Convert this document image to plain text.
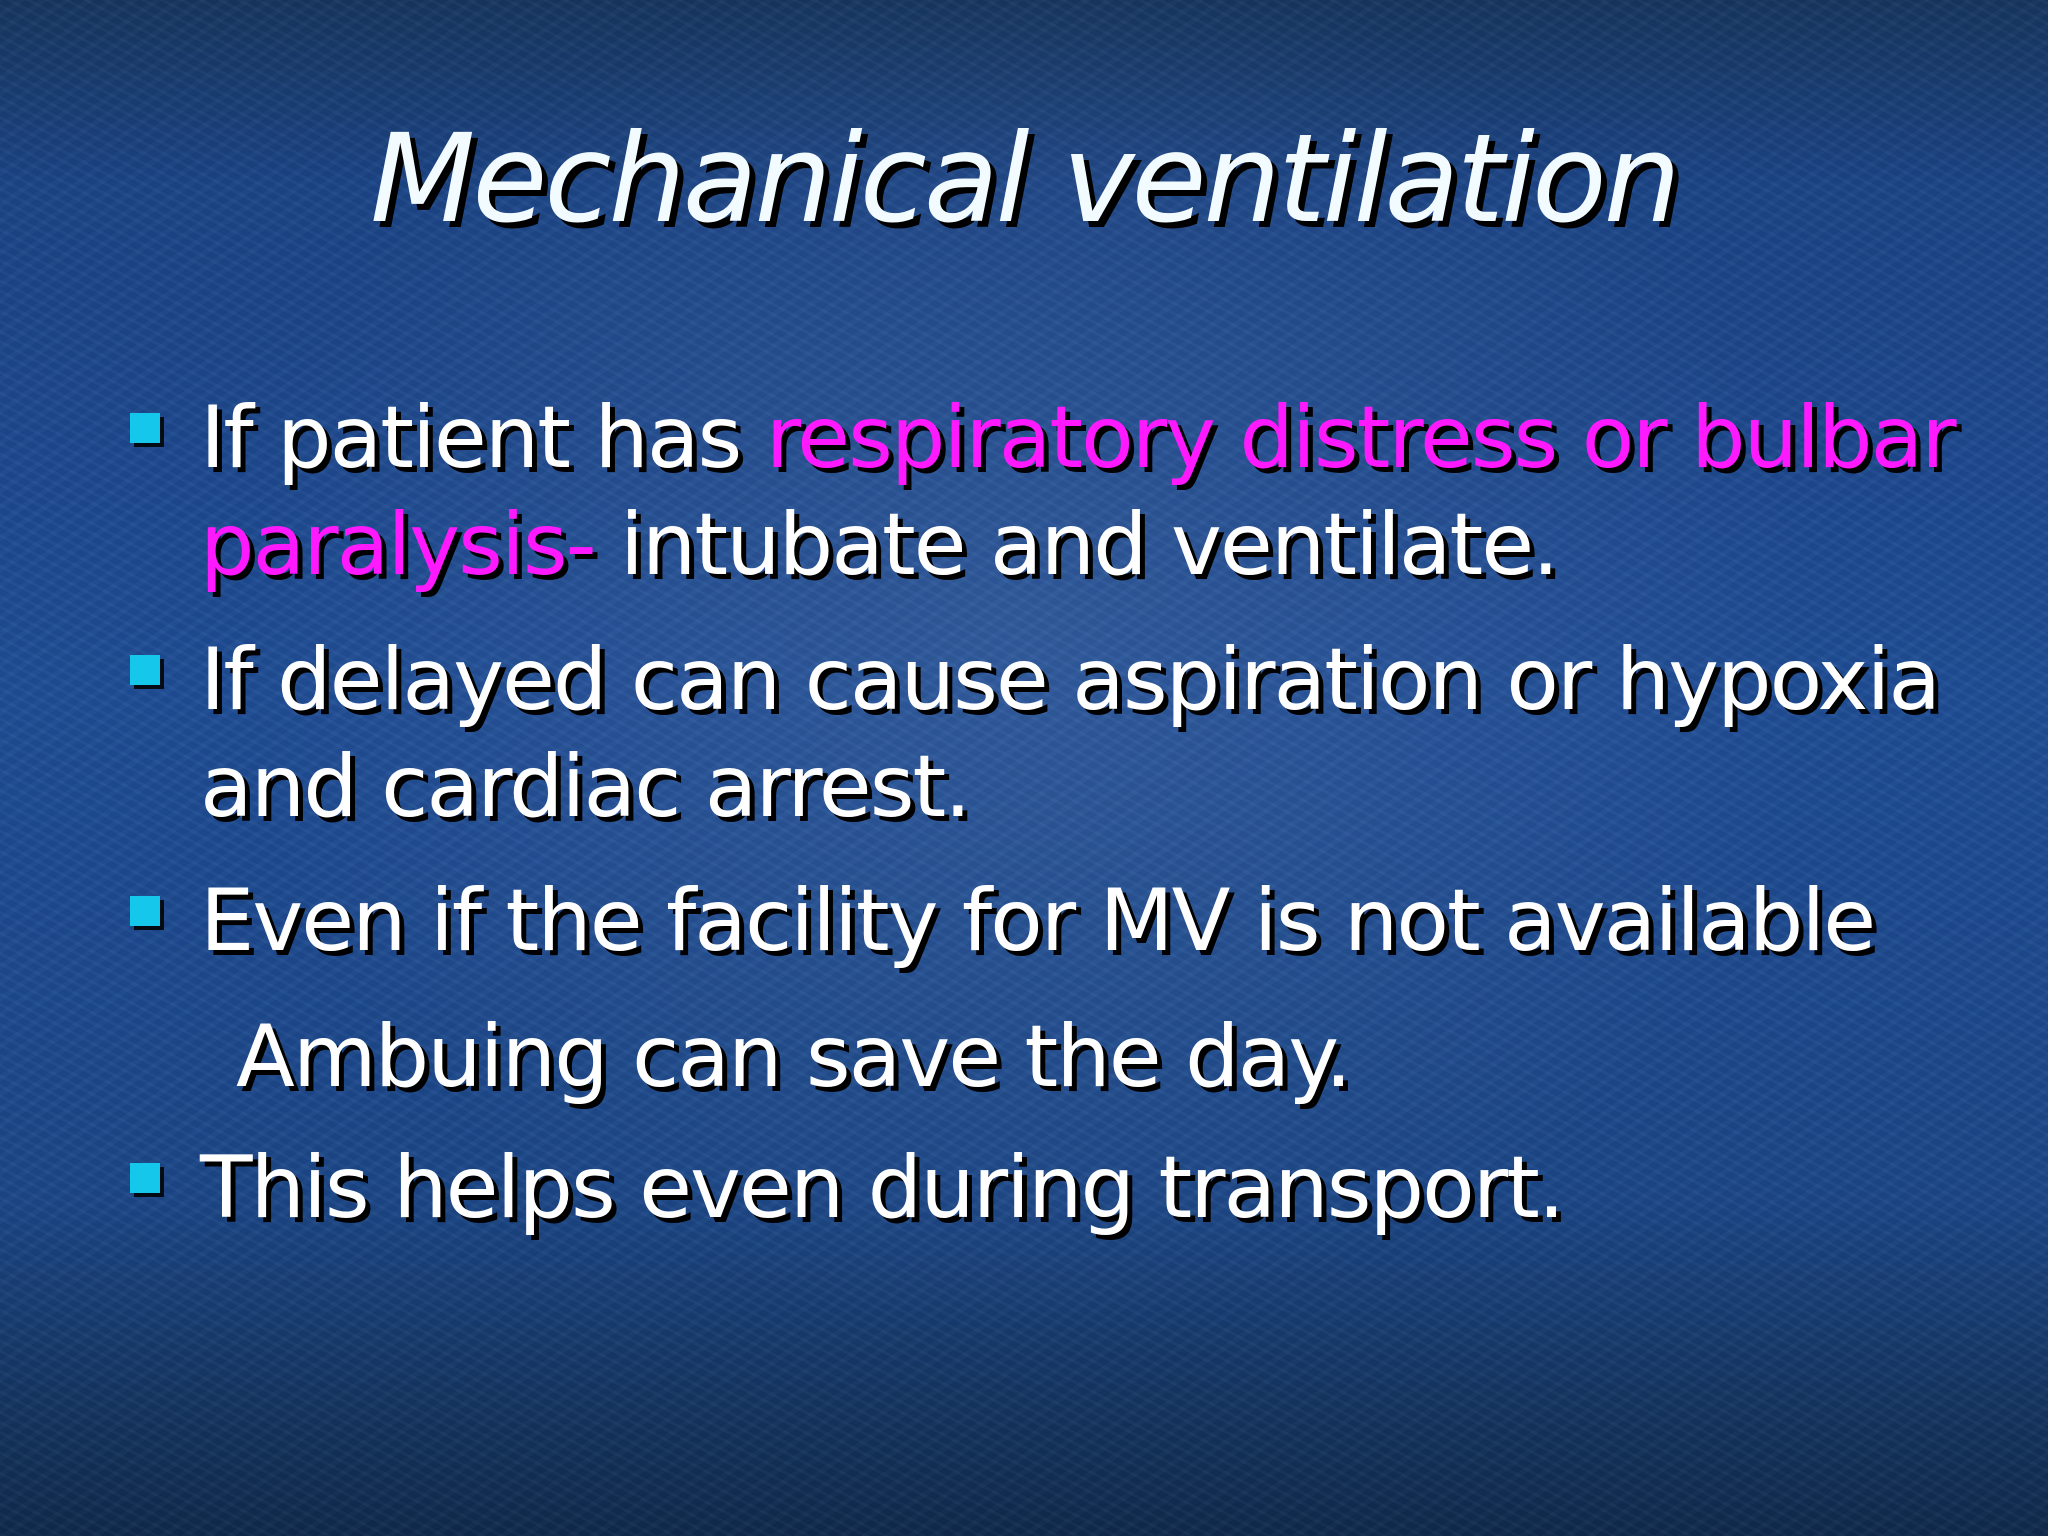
Mechanical ventilation
If patient has respiratory distress or bulbar
paralysis- intubate and ventilate.
If delayed can cause aspiration or hypoxia
and cardiac arrest.
Even if the facility for MV is not available
Ambuing can save the day.
This helps even during transport.
